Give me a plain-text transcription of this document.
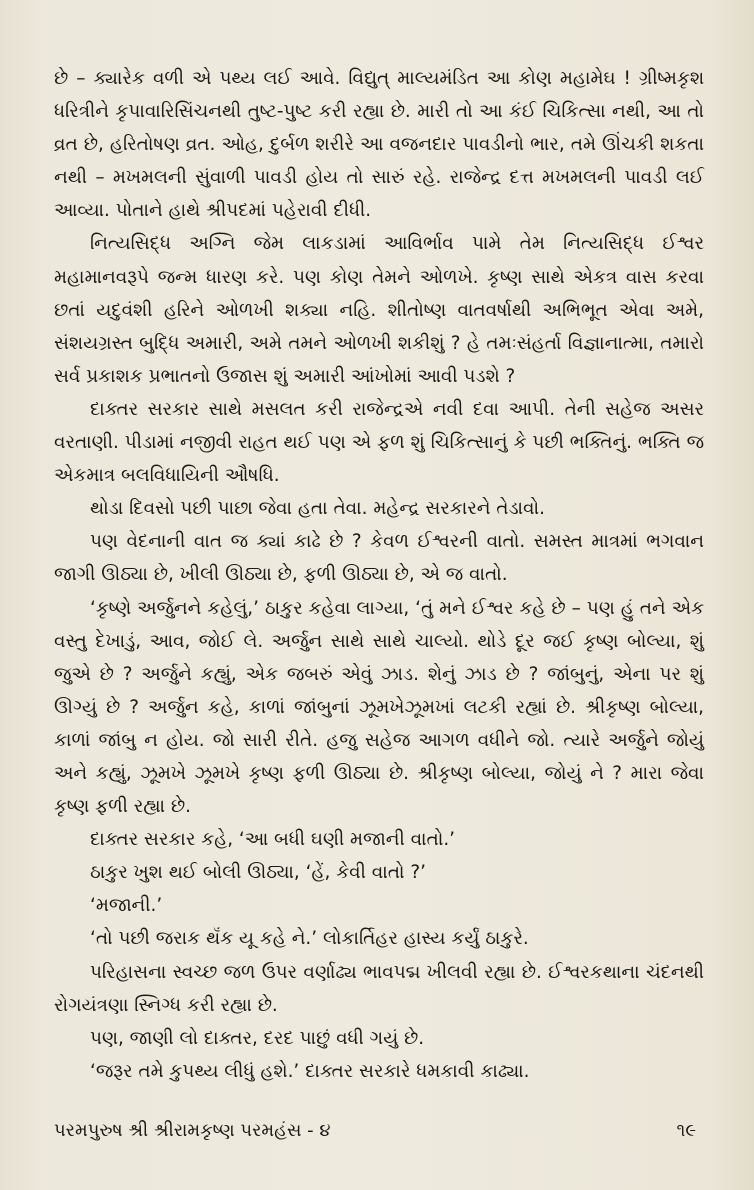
છે – ક્યારેક વળી એ પથ્ય લઈ આવે. વિદ્યુત્ માલ્યમંડિત આ કોણ મહામેઘ ! ગ્રીષ્મકૃશ ધરિત્રીને કૃપાવારિસિંચનથી તુષ્ટ-પુષ્ટ કરી રહ્યા છે. મારી તો આ કંઈ ચિકિત્સા નથી, આ તો વ્રત છે, હરિતોષણ વ્રત. ઓહ, દુર્બળ શરીરે આ વજનદાર પાવડીનો ભાર, તમે ઊંચકી શકતા નથી – મખમલની સુંવાળી પાવડી હોય તો સારું રહે. રાજેન્દ્ર દત્ત મખમલની પાવડી લઈ આવ્યા. પોતાને હાથે શ્રીપદમાં પહેરાવી દીધી.

નિત્યસિદ્ધ અગ્નિ જેમ લાકડામાં આવિર્ભાવ પામે તેમ નિત્યસિદ્ધ ઈશ્વર મહામાનવરૂપે જન્મ ધારણ કરે. પણ કોણ તેમને ઓળખે. કૃષ્ણ સાથે એકત્ર વાસ કરવા છતાં યદુવંશી હરિને ઓળખી શક્યા નહિ. શીતોષ્ણ વાતવર્ષાથી અભિભૂત એવા અમે, સંશયગ્રસ્ત બુદ્ધિ અમારી, અમે તમને ઓળખી શકીશું ? હે તમઃસંહર્તા વિજ્ઞાનાત્મા, તમારો સર્વ પ્રકાશક પ્રભાતનો ઉજાસ શું અમારી આંખોમાં આવી પડશે ?

દાક્તર સરકાર સાથે મસલત કરી રાજેન્દ્રએ નવી દવા આપી. તેની સહેજ અસર વરતાણી. પીડામાં નજીવી રાહત થઈ પણ એ ફળ શું ચિકિત્સાનું કે પછી ભક્તિનું. ભક્તિ જ એકમાત્ર બલવિધાયિની ઔષધિ.

થોડા દિવસો પછી પાછા જેવા હતા તેવા. મહેન્દ્ર સરકારને તેડાવો.

પણ વેદનાની વાત જ ક્યાં કાઢે છે ? કેવળ ઈશ્વરની વાતો. સમસ્ત માત્રમાં ભગવાન જાગી ઊઠ્યા છે, ખીલી ઊઠ્યા છે, ફળી ઊઠ્યા છે, એ જ વાતો.

‘કૃષ્ણે અર્જુનને કહેલું,’ ઠાકુર કહેવા લાગ્યા, ‘તું મને ઈશ્વર કહે છે – પણ હું તને એક વસ્તુ દેખાડું, આવ, જોઈ લે. અર્જુન સાથે સાથે ચાલ્યો. થોડે દૂર જઈ કૃષ્ણ બોલ્યા, શું જુએ છે ? અર્જુને કહ્યું, એક જબરું એવું ઝાડ. શેનું ઝાડ છે ? જાંબુનું, એના પર શું ઊગ્યું છે ? અર્જુન કહે, કાળાં જાંબુનાં ઝૂમખેઝૂમખાં લટકી રહ્યાં છે. શ્રીકૃષ્ણ બોલ્યા, કાળાં જાંબુ ન હોય. જો સારી રીતે. હજુ સહેજ આગળ વધીને જો. ત્યારે અર્જુને જોયું અને કહ્યું, ઝૂમખે ઝૂમખે કૃષ્ણ ફળી ઊઠ્યા છે. શ્રીકૃષ્ણ બોલ્યા, જોયું ને ? મારા જેવા કૃષ્ણ ફળી રહ્યા છે.

દાક્તર સરકાર કહે, ‘આ બધી ઘણી મજાની વાતો.’

ઠાકુર ખુશ થઈ બોલી ઊઠ્યા, ‘હેં, કેવી વાતો ?’

‘મજાની.’

‘તો પછી જરાક થૅંક યૂ કહે ને.’ લોકાર્તિહર હાસ્ય કર્યું ઠાકુરે.

પરિહાસના સ્વચ્છ જળ ઉપર વર્ણાઢ્ય ભાવપદ્મ ખીલવી રહ્યા છે. ઈશ્વરકથાના ચંદનથી રોગયંત્રણા સ્નિગ્ધ કરી રહ્યા છે.

પણ, જાણી લો દાક્તર, દરદ પાછું વધી ગયું છે.

‘જરૂર તમે કુપથ્ય લીધું હશે.’ દાક્તર સરકારે ધમકાવી કાઢ્યા.

પરમપુરુષ શ્રી શ્રીરામકૃષ્ણ પરમહંસ - ૪	૧૯
